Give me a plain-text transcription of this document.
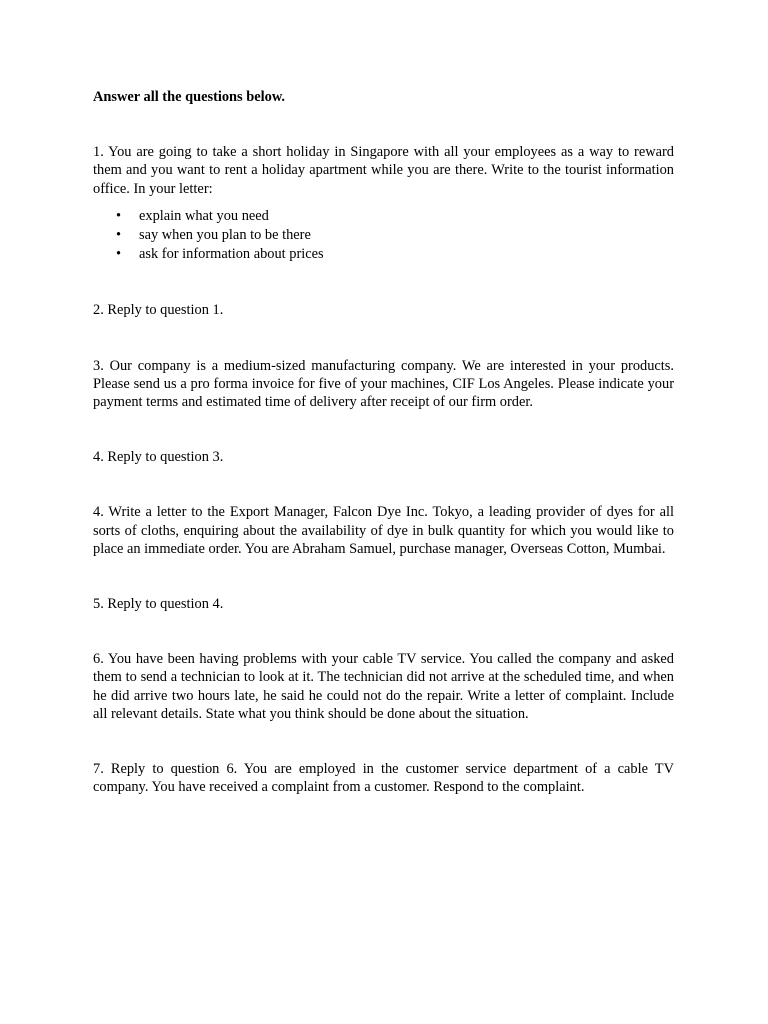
Answer all the questions below.

1. You are going to take a short holiday in Singapore with all your employees as a way to reward them and you want to rent a holiday apartment while you are there. Write to the tourist information office. In your letter:

• explain what you need
• say when you plan to be there
• ask for information about prices

2. Reply to question 1.

3. Our company is a medium-sized manufacturing company. We are interested in your products. Please send us a pro forma invoice for five of your machines, CIF Los Angeles. Please indicate your payment terms and estimated time of delivery after receipt of our firm order.

4. Reply to question 3.

4. Write a letter to the Export Manager, Falcon Dye Inc. Tokyo, a leading provider of dyes for all sorts of cloths, enquiring about the availability of dye in bulk quantity for which you would like to place an immediate order. You are Abraham Samuel, purchase manager, Overseas Cotton, Mumbai.

5. Reply to question 4.

6. You have been having problems with your cable TV service. You called the company and asked them to send a technician to look at it. The technician did not arrive at the scheduled time, and when he did arrive two hours late, he said he could not do the repair. Write a letter of complaint. Include all relevant details. State what you think should be done about the situation.

7. Reply to question 6. You are employed in the customer service department of a cable TV company. You have received a complaint from a customer. Respond to the complaint.
